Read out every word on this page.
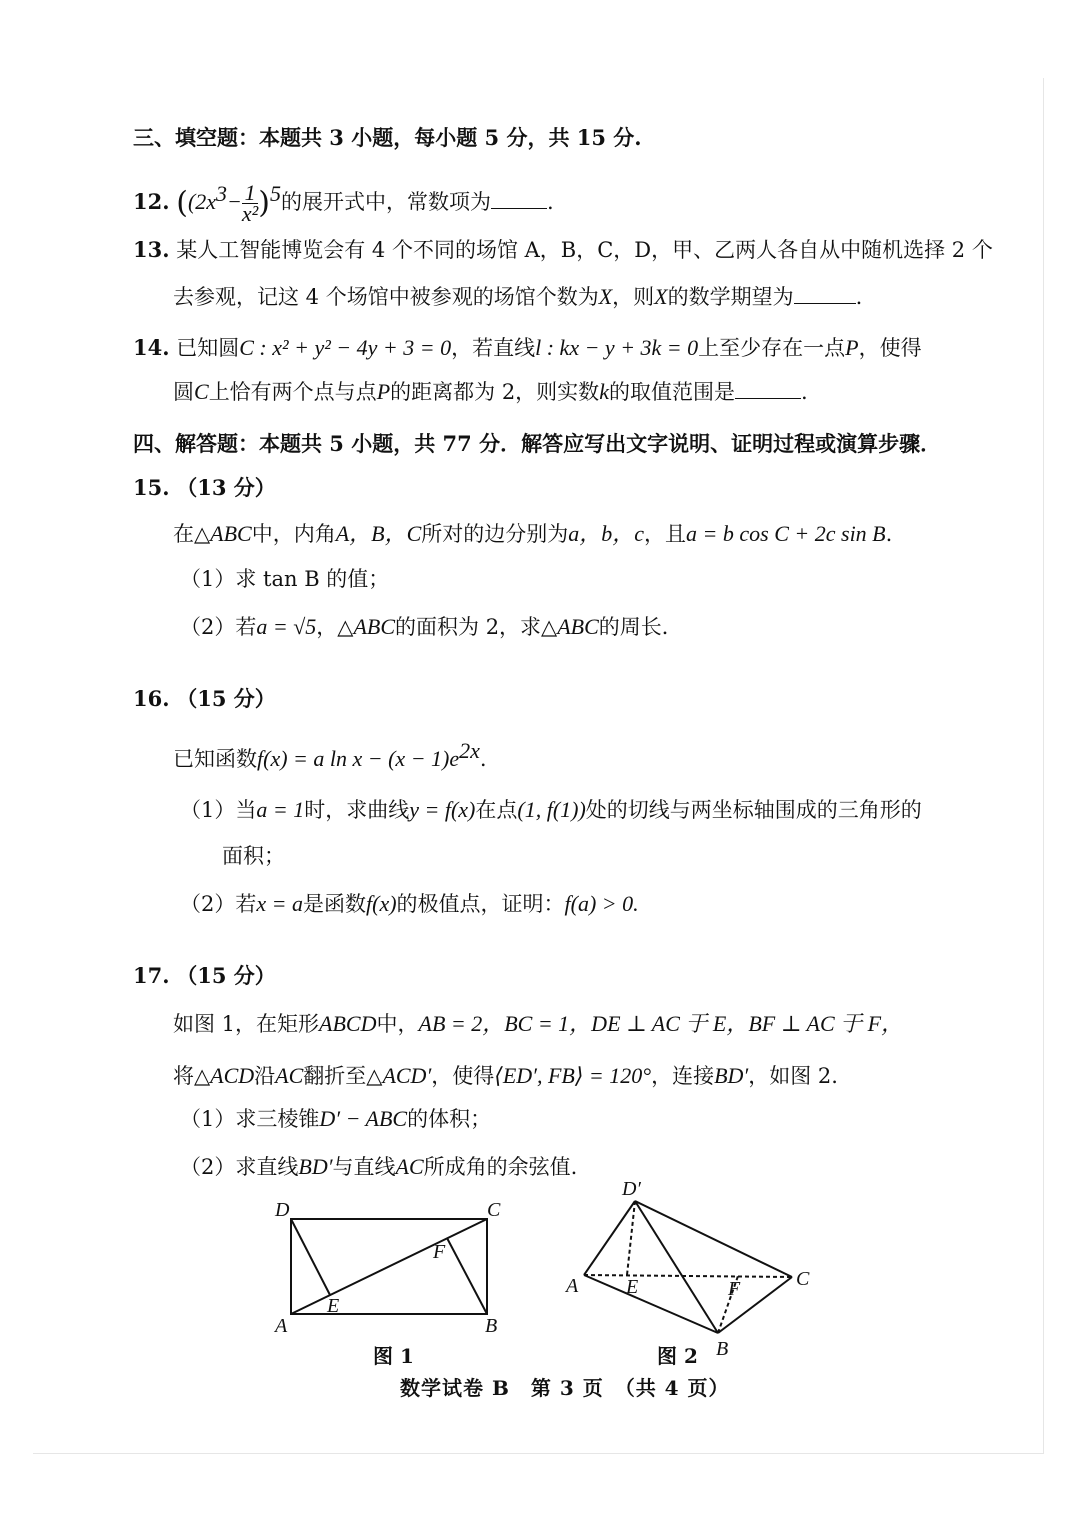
三、填空题：本题共 3 小题，每小题 5 分，共 15 分.
12. ($(2x^3- \frac{1}{\text{x²}} )^5$的展开式中，常数项为	.
13. 某人工智能博览会有 4 个不同的场馆 A，B，C，D，甲、乙两人各自从中随机选择 2 个
去参观，记这 4 个场馆中被参观的场馆个数为X，则X的数学期望为	.
14. 已知圆C : x² + y² − 4y + 3 = 0，若直线l : kx − y + 3k = 0上至少存在一点P，使得
圆C上恰有两个点与点P的距离都为 2，则实数k的取值范围是	.
四、解答题：本题共 5 小题，共 77 分．解答应写出文字说明、证明过程或演算步骤．
15. （13 分）
在△ABC中，内角A，B，C所对的边分别为a，b，c，且a = b cos C + 2c sin B.
（1）求 tan B 的值；
（2）若a = √5，△ABC的面积为 2，求△ABC的周长．
16. （15 分）
已知函数f(x) = a $\ln x - (x - 1)e^{2x}$.
（1）当a = 1时，求曲线y = f(x)在点(1, f(1))处的切线与两坐标轴围成的三角形的
面积；
（2）若x = a是函数f(x)的极值点，证明：f(a) > 0.
17. （15 分）
如图 1，在矩形ABCD中，AB = 2，BC = 1，DE ⊥ AC 于 E，BF ⊥ AC 于 F，
将△ACD沿AC翻折至△ACD′，使得⟨ED′, FB⟩ = 120°，连接BD′，如图 2.
（1）求三棱锥D′ − ABC的体积；
（2）求直线BD′与直线AC所成角的余弦值.
D	C
A	B
E
F
图 1
D′
A E	F	C
B
图 2
数学试卷 B　第 3 页　（共 4 页）
